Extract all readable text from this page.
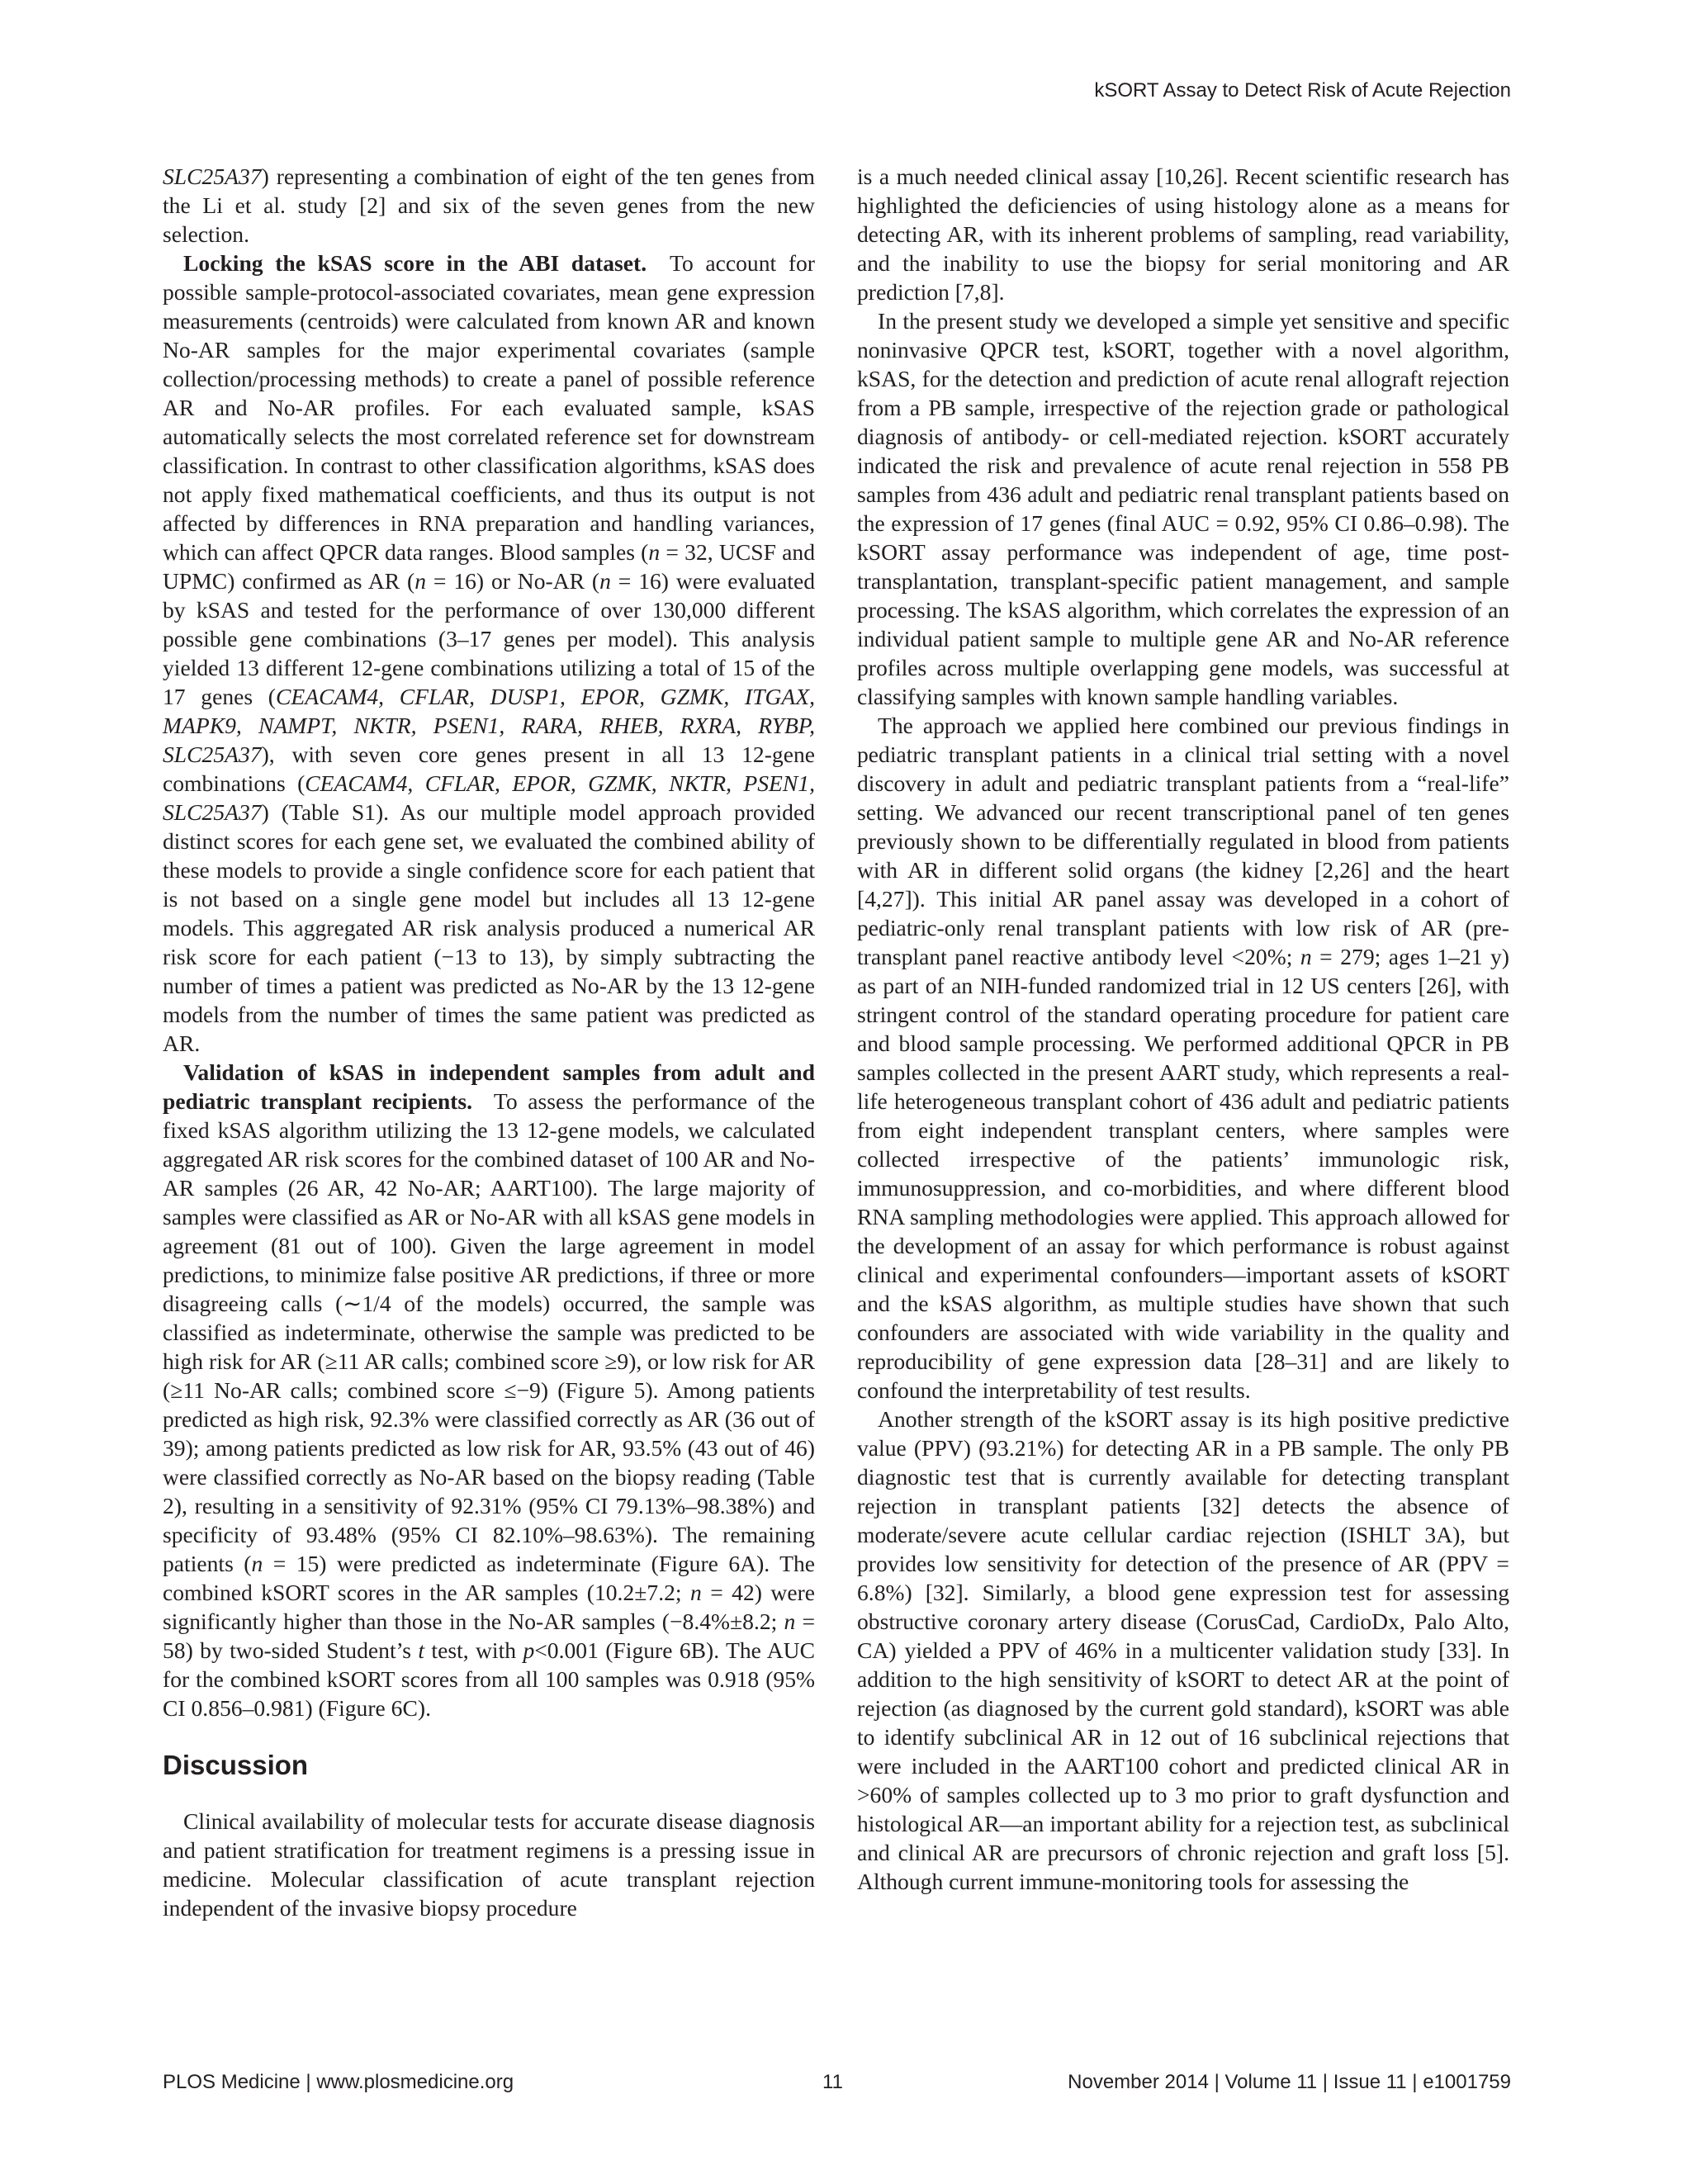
kSORT Assay to Detect Risk of Acute Rejection

SLC25A37) representing a combination of eight of the ten genes from the Li et al. study [2] and six of the seven genes from the new selection.

Locking the kSAS score in the ABI dataset.  To account for possible sample-protocol-associated covariates, mean gene expression measurements (centroids) were calculated from known AR and known No-AR samples for the major experimental covariates (sample collection/processing methods) to create a panel of possible reference AR and No-AR profiles. For each evaluated sample, kSAS automatically selects the most correlated reference set for downstream classification. In contrast to other classification algorithms, kSAS does not apply fixed mathematical coefficients, and thus its output is not affected by differences in RNA preparation and handling variances, which can affect QPCR data ranges. Blood samples (n = 32, UCSF and UPMC) confirmed as AR (n = 16) or No-AR (n = 16) were evaluated by kSAS and tested for the performance of over 130,000 different possible gene combinations (3–17 genes per model). This analysis yielded 13 different 12-gene combinations utilizing a total of 15 of the 17 genes (CEACAM4, CFLAR, DUSP1, EPOR, GZMK, ITGAX, MAPK9, NAMPT, NKTR, PSEN1, RARA, RHEB, RXRA, RYBP, SLC25A37), with seven core genes present in all 13 12-gene combinations (CEACAM4, CFLAR, EPOR, GZMK, NKTR, PSEN1, SLC25A37) (Table S1). As our multiple model approach provided distinct scores for each gene set, we evaluated the combined ability of these models to provide a single confidence score for each patient that is not based on a single gene model but includes all 13 12-gene models. This aggregated AR risk analysis produced a numerical AR risk score for each patient (−13 to 13), by simply subtracting the number of times a patient was predicted as No-AR by the 13 12-gene models from the number of times the same patient was predicted as AR.

Validation of kSAS in independent samples from adult and pediatric transplant recipients.  To assess the performance of the fixed kSAS algorithm utilizing the 13 12-gene models, we calculated aggregated AR risk scores for the combined dataset of 100 AR and No-AR samples (26 AR, 42 No-AR; AART100). The large majority of samples were classified as AR or No-AR with all kSAS gene models in agreement (81 out of 100). Given the large agreement in model predictions, to minimize false positive AR predictions, if three or more disagreeing calls (∼1/4 of the models) occurred, the sample was classified as indeterminate, otherwise the sample was predicted to be high risk for AR (≥11 AR calls; combined score ≥9), or low risk for AR (≥11 No-AR calls; combined score ≤−9) (Figure 5). Among patients predicted as high risk, 92.3% were classified correctly as AR (36 out of 39); among patients predicted as low risk for AR, 93.5% (43 out of 46) were classified correctly as No-AR based on the biopsy reading (Table 2), resulting in a sensitivity of 92.31% (95% CI 79.13%–98.38%) and specificity of 93.48% (95% CI 82.10%–98.63%). The remaining patients (n = 15) were predicted as indeterminate (Figure 6A). The combined kSORT scores in the AR samples (10.2±7.2; n = 42) were significantly higher than those in the No-AR samples (−8.4%±8.2; n = 58) by two-sided Student’s t test, with p<0.001 (Figure 6B). The AUC for the combined kSORT scores from all 100 samples was 0.918 (95% CI 0.856–0.981) (Figure 6C).

Discussion

Clinical availability of molecular tests for accurate disease diagnosis and patient stratification for treatment regimens is a pressing issue in medicine. Molecular classification of acute transplant rejection independent of the invasive biopsy procedure

is a much needed clinical assay [10,26]. Recent scientific research has highlighted the deficiencies of using histology alone as a means for detecting AR, with its inherent problems of sampling, read variability, and the inability to use the biopsy for serial monitoring and AR prediction [7,8].

In the present study we developed a simple yet sensitive and specific noninvasive QPCR test, kSORT, together with a novel algorithm, kSAS, for the detection and prediction of acute renal allograft rejection from a PB sample, irrespective of the rejection grade or pathological diagnosis of antibody- or cell-mediated rejection. kSORT accurately indicated the risk and prevalence of acute renal rejection in 558 PB samples from 436 adult and pediatric renal transplant patients based on the expression of 17 genes (final AUC = 0.92, 95% CI 0.86–0.98). The kSORT assay performance was independent of age, time post- transplantation, transplant-specific patient management, and sample processing. The kSAS algorithm, which correlates the expression of an individual patient sample to multiple gene AR and No-AR reference profiles across multiple overlapping gene models, was successful at classifying samples with known sample handling variables.

The approach we applied here combined our previous findings in pediatric transplant patients in a clinical trial setting with a novel discovery in adult and pediatric transplant patients from a “real-life” setting. We advanced our recent transcriptional panel of ten genes previously shown to be differentially regulated in blood from patients with AR in different solid organs (the kidney [2,26] and the heart [4,27]). This initial AR panel assay was developed in a cohort of pediatric-only renal transplant patients with low risk of AR (pre-transplant panel reactive antibody level <20%; n = 279; ages 1–21 y) as part of an NIH-funded randomized trial in 12 US centers [26], with stringent control of the standard operating procedure for patient care and blood sample processing. We performed additional QPCR in PB samples collected in the present AART study, which represents a real-life heterogeneous transplant cohort of 436 adult and pediatric patients from eight independent transplant centers, where samples were collected irrespective of the patients’ immunologic risk, immunosuppression, and co-morbidities, and where different blood RNA sampling methodologies were applied. This approach allowed for the development of an assay for which performance is robust against clinical and experimental confounders—important assets of kSORT and the kSAS algorithm, as multiple studies have shown that such confounders are associated with wide variability in the quality and reproducibility of gene expression data [28–31] and are likely to confound the interpretability of test results.

Another strength of the kSORT assay is its high positive predictive value (PPV) (93.21%) for detecting AR in a PB sample. The only PB diagnostic test that is currently available for detecting transplant rejection in transplant patients [32] detects the absence of moderate/severe acute cellular cardiac rejection (ISHLT 3A), but provides low sensitivity for detection of the presence of AR (PPV = 6.8%) [32]. Similarly, a blood gene expression test for assessing obstructive coronary artery disease (CorusCad, CardioDx, Palo Alto, CA) yielded a PPV of 46% in a multicenter validation study [33]. In addition to the high sensitivity of kSORT to detect AR at the point of rejection (as diagnosed by the current gold standard), kSORT was able to identify subclinical AR in 12 out of 16 subclinical rejections that were included in the AART100 cohort and predicted clinical AR in >60% of samples collected up to 3 mo prior to graft dysfunction and histological AR—an important ability for a rejection test, as subclinical and clinical AR are precursors of chronic rejection and graft loss [5]. Although current immune-monitoring tools for assessing the

PLOS Medicine | www.plosmedicine.org	11	November 2014 | Volume 11 | Issue 11 | e1001759
